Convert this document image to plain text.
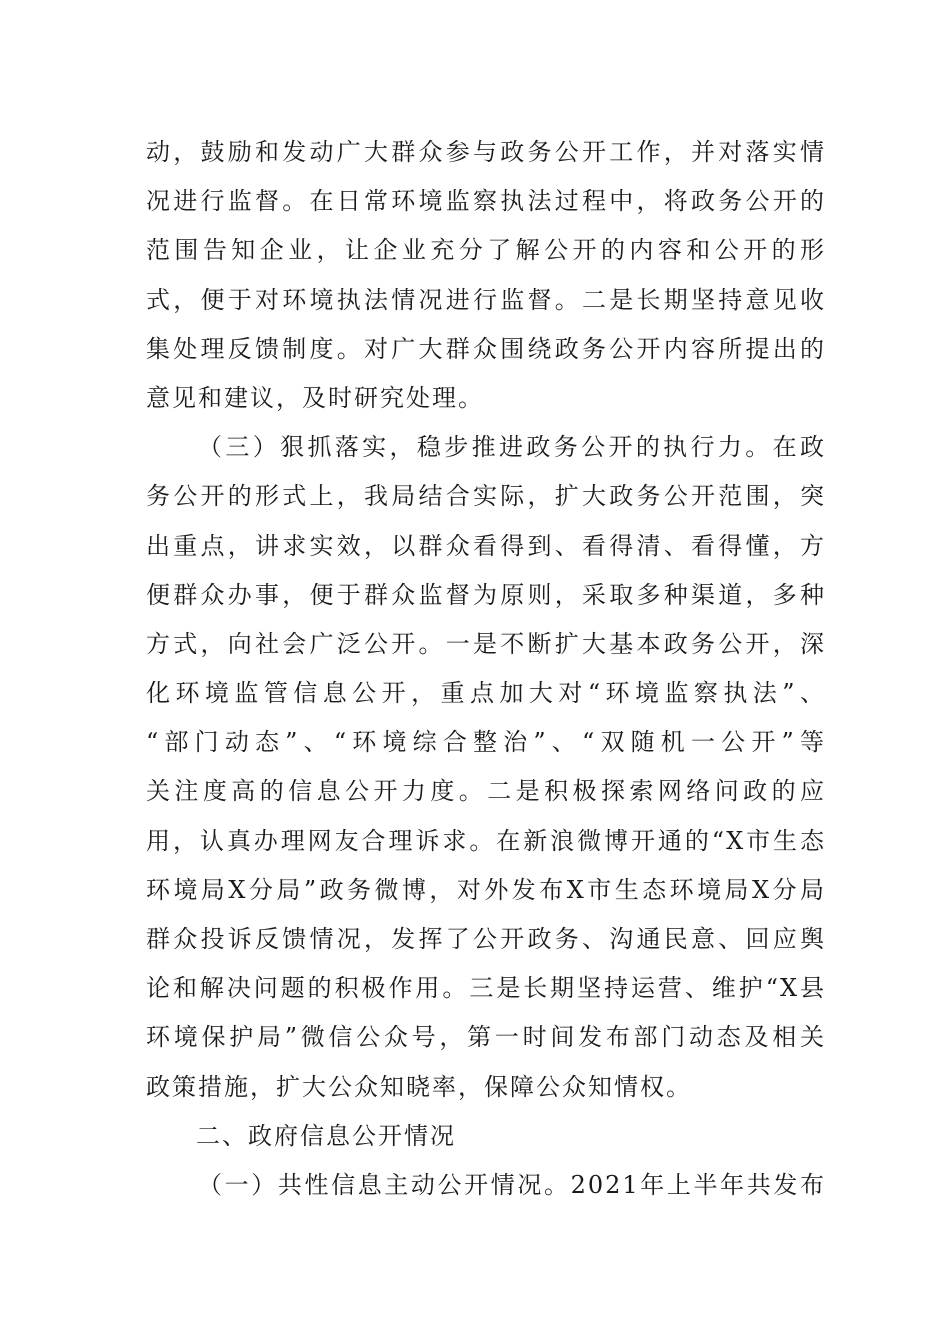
动，鼓励和发动广大群众参与政务公开工作，并对落实情
况进行监督。在日常环境监察执法过程中，将政务公开的
范围告知企业，让企业充分了解公开的内容和公开的形
式，便于对环境执法情况进行监督。二是长期坚持意见收
集处理反馈制度。对广大群众围绕政务公开内容所提出的
意见和建议，及时研究处理。
（三）狠抓落实，稳步推进政务公开的执行力。在政
务公开的形式上，我局结合实际，扩大政务公开范围，突
出重点，讲求实效，以群众看得到、看得清、看得懂，方
便群众办事，便于群众监督为原则，采取多种渠道，多种
方式，向社会广泛公开。一是不断扩大基本政务公开，深
化环境监管信息公开，重点加大对“环境监察执法”、
“部门动态”、“环境综合整治”、“双随机一公开”等
关注度高的信息公开力度。二是积极探索网络问政的应
用，认真办理网友合理诉求。在新浪微博开通的“X市生态
环境局X分局”政务微博，对外发布X市生态环境局X分局
群众投诉反馈情况，发挥了公开政务、沟通民意、回应舆
论和解决问题的积极作用。三是长期坚持运营、维护“X县
环境保护局”微信公众号，第一时间发布部门动态及相关
政策措施，扩大公众知晓率，保障公众知情权。
二、政府信息公开情况
（一）共性信息主动公开情况。2021年上半年共发布
